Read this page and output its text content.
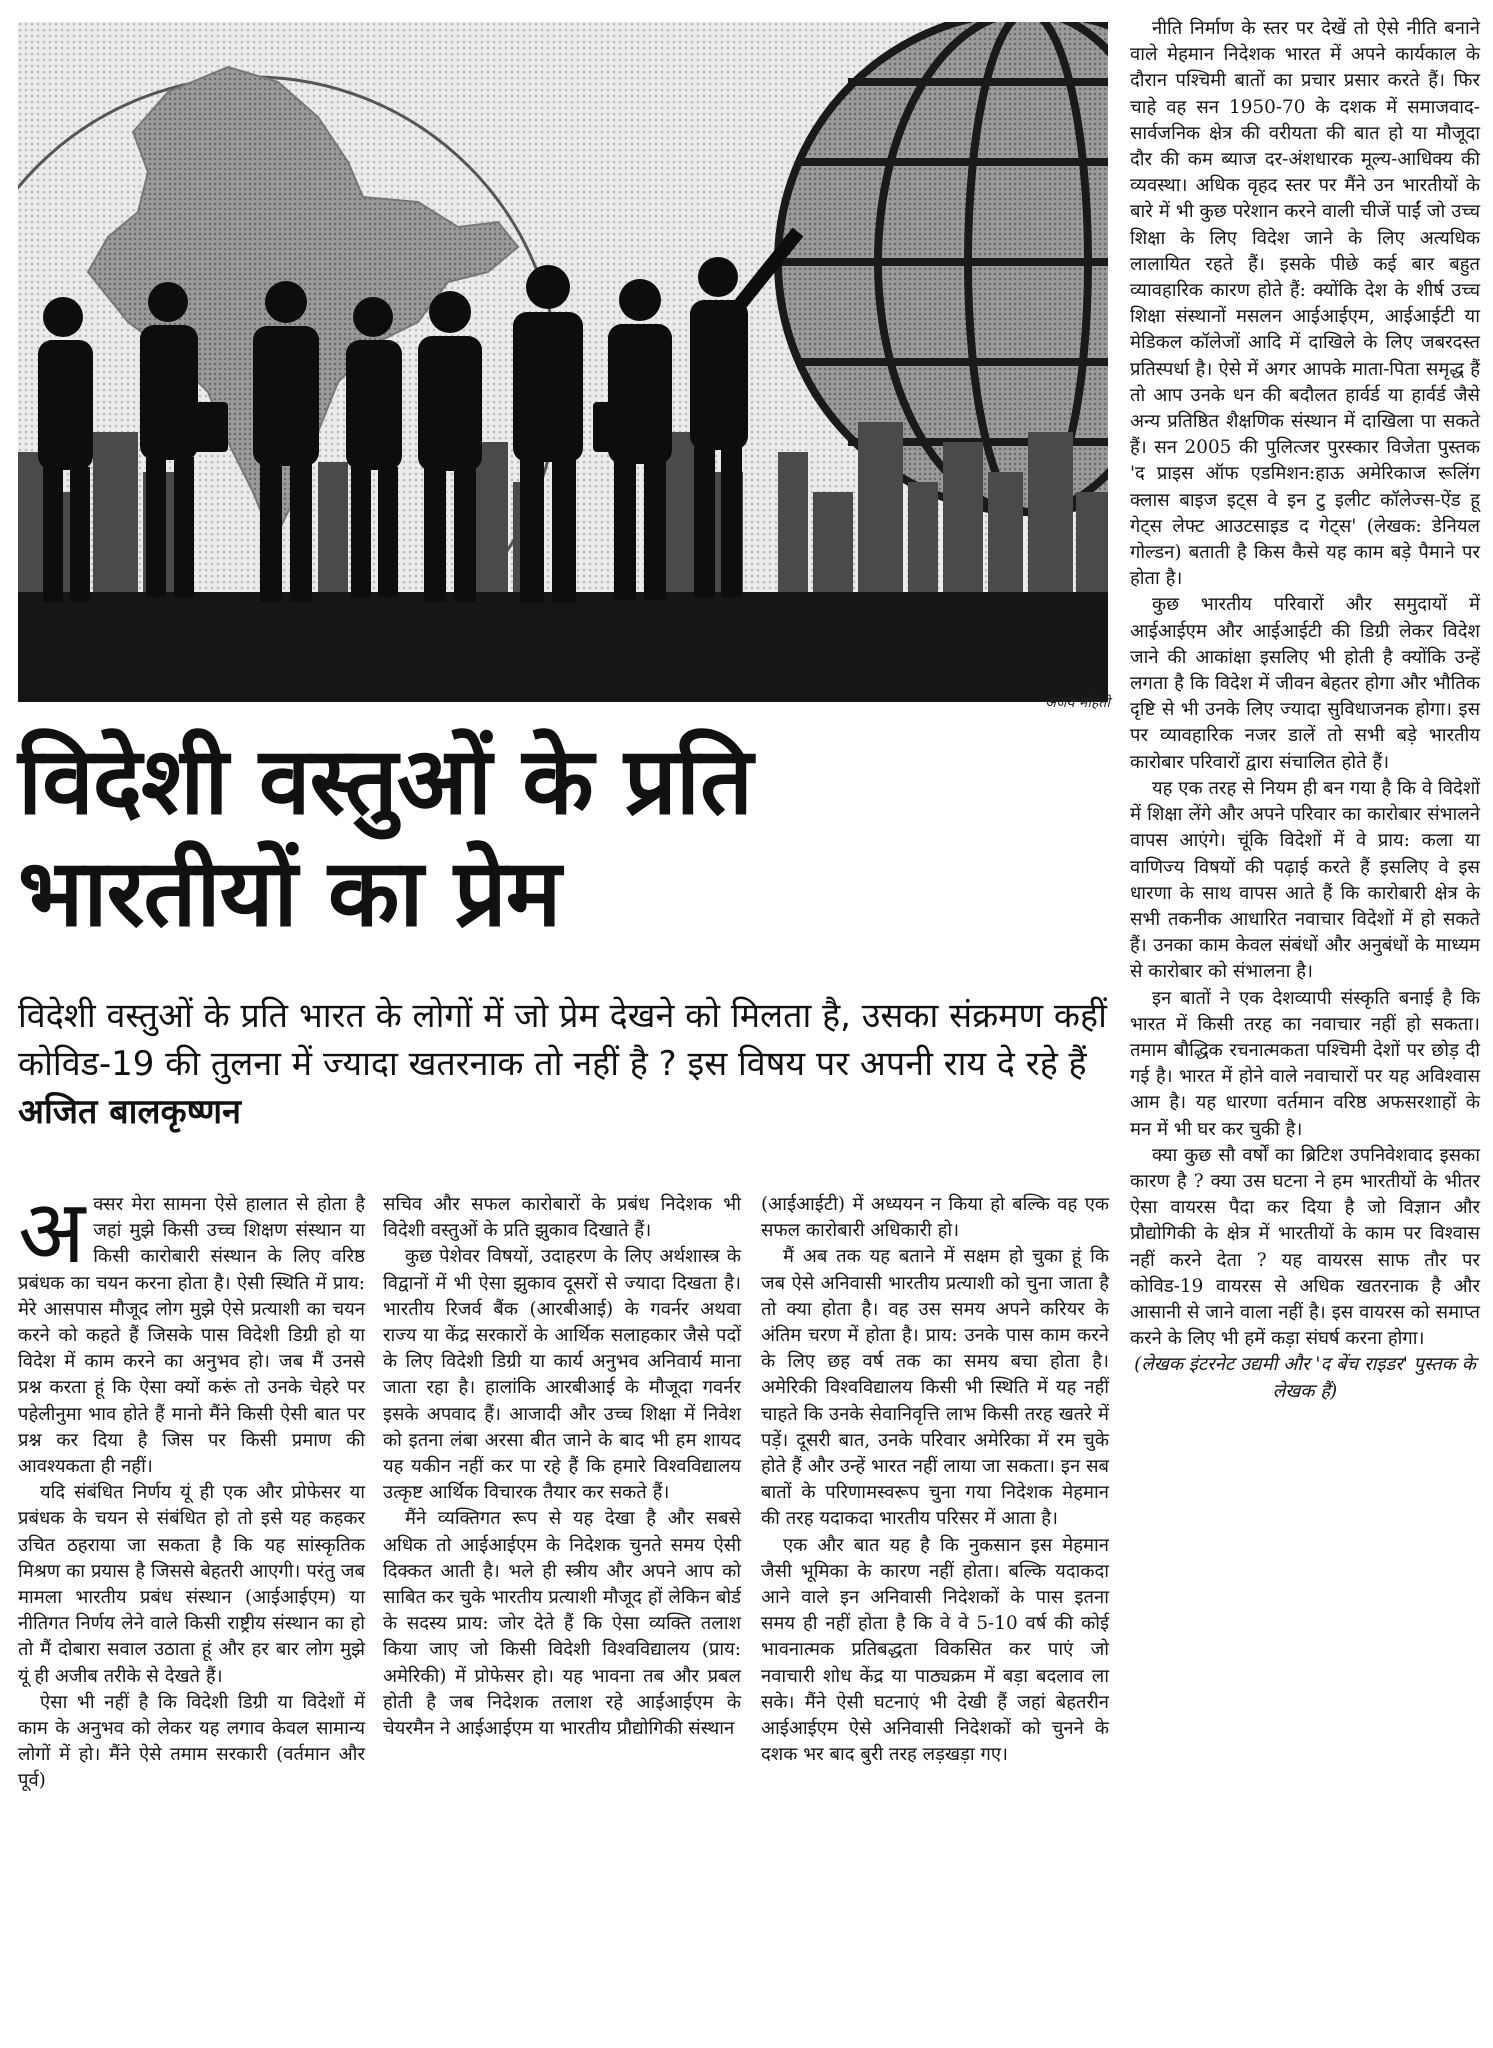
अजय मोहंती
विदेशी वस्तुओं के प्रति
भारतीयों का प्रेम
विदेशी वस्तुओं के प्रति भारत के लोगों में जो प्रेम देखने को मिलता है, उसका संक्रमण कहीं कोविड-19 की तुलना में ज्यादा खतरनाक तो नहीं है ? इस विषय पर अपनी राय दे रहे हैं अजित बालकृष्णन

अक्सर मेरा सामना ऐसे हालात से होता है जहां मुझे किसी उच्च शिक्षण संस्थान या किसी कारोबारी संस्थान के लिए वरिष्ठ प्रबंधक का चयन करना होता है। ऐसी स्थिति में प्राय: मेरे आसपास मौजूद लोग मुझे ऐसे प्रत्याशी का चयन करने को कहते हैं जिसके पास विदेशी डिग्री हो या विदेश में काम करने का अनुभव हो। जब मैं उनसे प्रश्न करता हूं कि ऐसा क्यों करूं तो उनके चेहरे पर पहेलीनुमा भाव होते हैं मानो मैंने किसी ऐसी बात पर प्रश्न कर दिया है जिस पर किसी प्रमाण की आवश्यकता ही नहीं।

यदि संबंधित निर्णय यूं ही एक और प्रोफेसर या प्रबंधक के चयन से संबंधित हो तो इसे यह कहकर उचित ठहराया जा सकता है कि यह सांस्कृतिक मिश्रण का प्रयास है जिससे बेहतरी आएगी। परंतु जब मामला भारतीय प्रबंध संस्थान (आईआईएम) या नीतिगत निर्णय लेने वाले किसी राष्ट्रीय संस्थान का हो तो मैं दोबारा सवाल उठाता हूं और हर बार लोग मुझे यूं ही अजीब तरीके से देखते हैं।

ऐसा भी नहीं है कि विदेशी डिग्री या विदेशों में काम के अनुभव को लेकर यह लगाव केवल सामान्य लोगों में हो। मैंने ऐसे तमाम सरकारी (वर्तमान और पूर्व)

सचिव और सफल कारोबारों के प्रबंध निदेशक भी विदेशी वस्तुओं के प्रति झुकाव दिखाते हैं।

कुछ पेशेवर विषयों, उदाहरण के लिए अर्थशास्त्र के विद्वानों में भी ऐसा झुकाव दूसरों से ज्यादा दिखता है। भारतीय रिजर्व बैंक (आरबीआई) के गवर्नर अथवा राज्य या केंद्र सरकारों के आर्थिक सलाहकार जैसे पदों के लिए विदेशी डिग्री या कार्य अनुभव अनिवार्य माना जाता रहा है। हालांकि आरबीआई के मौजूदा गवर्नर इसके अपवाद हैं। आजादी और उच्च शिक्षा में निवेश को इतना लंबा अरसा बीत जाने के बाद भी हम शायद यह यकीन नहीं कर पा रहे हैं कि हमारे विश्वविद्यालय उत्कृष्ट आर्थिक विचारक तैयार कर सकते हैं।

मैंने व्यक्तिगत रूप से यह देखा है और सबसे अधिक तो आईआईएम के निदेशक चुनते समय ऐसी दिक्कत आती है। भले ही स्त्रीय और अपने आप को साबित कर चुके भारतीय प्रत्याशी मौजूद हों लेकिन बोर्ड के सदस्य प्राय: जोर देते हैं कि ऐसा व्यक्ति तलाश किया जाए जो किसी विदेशी विश्वविद्यालय (प्राय: अमेरिकी) में प्रोफेसर हो। यह भावना तब और प्रबल होती है जब निदेशक तलाश रहे आईआईएम के चेयरमैन ने आईआईएम या भारतीय प्रौद्योगिकी संस्थान

(आईआईटी) में अध्ययन न किया हो बल्कि वह एक सफल कारोबारी अधिकारी हो।

मैं अब तक यह बताने में सक्षम हो चुका हूं कि जब ऐसे अनिवासी भारतीय प्रत्याशी को चुना जाता है तो क्या होता है। वह उस समय अपने करियर के अंतिम चरण में होता है। प्राय: उनके पास काम करने के लिए छह वर्ष तक का समय बचा होता है। अमेरिकी विश्वविद्यालय किसी भी स्थिति में यह नहीं चाहते कि उनके सेवानिवृत्ति लाभ किसी तरह खतरे में पड़ें। दूसरी बात, उनके परिवार अमेरिका में रम चुके होते हैं और उन्हें भारत नहीं लाया जा सकता। इन सब बातों के परिणामस्वरूप चुना गया निदेशक मेहमान की तरह यदाकदा भारतीय परिसर में आता है।

एक और बात यह है कि नुकसान इस मेहमान जैसी भूमिका के कारण नहीं होता। बल्कि यदाकदा आने वाले इन अनिवासी निदेशकों के पास इतना समय ही नहीं होता है कि वे वे 5-10 वर्ष की कोई भावनात्मक प्रतिबद्धता विकसित कर पाएं जो नवाचारी शोध केंद्र या पाठ्यक्रम में बड़ा बदलाव ला सके। मैंने ऐसी घटनाएं भी देखी हैं जहां बेहतरीन आईआईएम ऐसे अनिवासी निदेशकों को चुनने के दशक भर बाद बुरी तरह लड़खड़ा गए।

नीति निर्माण के स्तर पर देखें तो ऐसे नीति बनाने वाले मेहमान निदेशक भारत में अपने कार्यकाल के दौरान पश्चिमी बातों का प्रचार प्रसार करते हैं। फिर चाहे वह सन 1950-70 के दशक में समाजवाद-सार्वजनिक क्षेत्र की वरीयता की बात हो या मौजूदा दौर की कम ब्याज दर-अंशधारक मूल्य-आधिक्य की व्यवस्था। अधिक वृहद स्तर पर मैंने उन भारतीयों के बारे में भी कुछ परेशान करने वाली चीजें पाईं जो उच्च शिक्षा के लिए विदेश जाने के लिए अत्यधिक लालायित रहते हैं। इसके पीछे कई बार बहुत व्यावहारिक कारण होते हैं: क्योंकि देश के शीर्ष उच्च शिक्षा संस्थानों मसलन आईआईएम, आईआईटी या मेडिकल कॉलेजों आदि में दाखिले के लिए जबरदस्त प्रतिस्पर्धा है। ऐसे में अगर आपके माता-पिता समृद्ध हैं तो आप उनके धन की बदौलत हार्वर्ड या हार्वर्ड जैसे अन्य प्रतिष्ठित शैक्षणिक संस्थान में दाखिला पा सकते हैं। सन 2005 की पुलित्जर पुरस्कार विजेता पुस्तक 'द प्राइस ऑफ एडमिशन:हाऊ अमेरिकाज रूलिंग क्लास बाइज इट्स वे इन टु इलीट कॉलेज्स-ऐंड हू गेट्स लेफ्ट आउटसाइड द गेट्स' (लेखक: डेनियल गोल्डन) बताती है किस कैसे यह काम बड़े पैमाने पर होता है।

कुछ भारतीय परिवारों और समुदायों में आईआईएम और आईआईटी की डिग्री लेकर विदेश जाने की आकांक्षा इसलिए भी होती है क्योंकि उन्हें लगता है कि विदेश में जीवन बेहतर होगा और भौतिक दृष्टि से भी उनके लिए ज्यादा सुविधाजनक होगा। इस पर व्यावहारिक नजर डालें तो सभी बड़े भारतीय कारोबार परिवारों द्वारा संचालित होते हैं।

यह एक तरह से नियम ही बन गया है कि वे विदेशों में शिक्षा लेंगे और अपने परिवार का कारोबार संभालने वापस आएंगे। चूंकि विदेशों में वे प्राय: कला या वाणिज्य विषयों की पढ़ाई करते हैं इसलिए वे इस धारणा के साथ वापस आते हैं कि कारोबारी क्षेत्र के सभी तकनीक आधारित नवाचार विदेशों में हो सकते हैं। उनका काम केवल संबंधों और अनुबंधों के माध्यम से कारोबार को संभालना है।

इन बातों ने एक देशव्यापी संस्कृति बनाई है कि भारत में किसी तरह का नवाचार नहीं हो सकता। तमाम बौद्धिक रचनात्मकता पश्चिमी देशों पर छोड़ दी गई है। भारत में होने वाले नवाचारों पर यह अविश्वास आम है। यह धारणा वर्तमान वरिष्ठ अफसरशाहों के मन में भी घर कर चुकी है।

क्या कुछ सौ वर्षों का ब्रिटिश उपनिवेशवाद इसका कारण है ? क्या उस घटना ने हम भारतीयों के भीतर ऐसा वायरस पैदा कर दिया है जो विज्ञान और प्रौद्योगिकी के क्षेत्र में भारतीयों के काम पर विश्वास नहीं करने देता ? यह वायरस साफ तौर पर कोविड-19 वायरस से अधिक खतरनाक है और आसानी से जाने वाला नहीं है। इस वायरस को समाप्त करने के लिए भी हमें कड़ा संघर्ष करना होगा।

(लेखक इंटरनेट उद्यमी और 'द बेंच राइडर' पुस्तक के लेखक हैं)
